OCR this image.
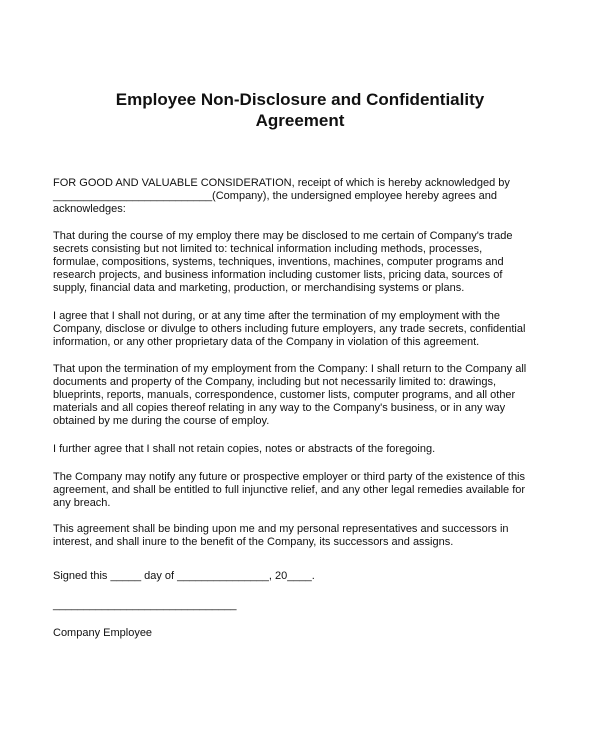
Employee Non-Disclosure and Confidentiality
Agreement
FOR GOOD AND VALUABLE CONSIDERATION, receipt of which is hereby acknowledged by
__________________________(Company), the undersigned employee hereby agrees and
acknowledges:
That during the course of my employ there may be disclosed to me certain of Company's trade
secrets consisting but not limited to: technical information including methods, processes,
formulae, compositions, systems, techniques, inventions, machines, computer programs and
research projects, and business information including customer lists, pricing data, sources of
supply, financial data and marketing, production, or merchandising systems or plans.
I agree that I shall not during, or at any time after the termination of my employment with the
Company, disclose or divulge to others including future employers, any trade secrets, confidential
information, or any other proprietary data of the Company in violation of this agreement.
That upon the termination of my employment from the Company: I shall return to the Company all
documents and property of the Company, including but not necessarily limited to: drawings,
blueprints, reports, manuals, correspondence, customer lists, computer programs, and all other
materials and all copies thereof relating in any way to the Company's business, or in any way
obtained by me during the course of employ.
I further agree that I shall not retain copies, notes or abstracts of the foregoing.
The Company may notify any future or prospective employer or third party of the existence of this
agreement, and shall be entitled to full injunctive relief, and any other legal remedies available for
any breach.
This agreement shall be binding upon me and my personal representatives and successors in
interest, and shall inure to the benefit of the Company, its successors and assigns.
Signed this _____ day of _______________, 20____.
______________________________
Company Employee
